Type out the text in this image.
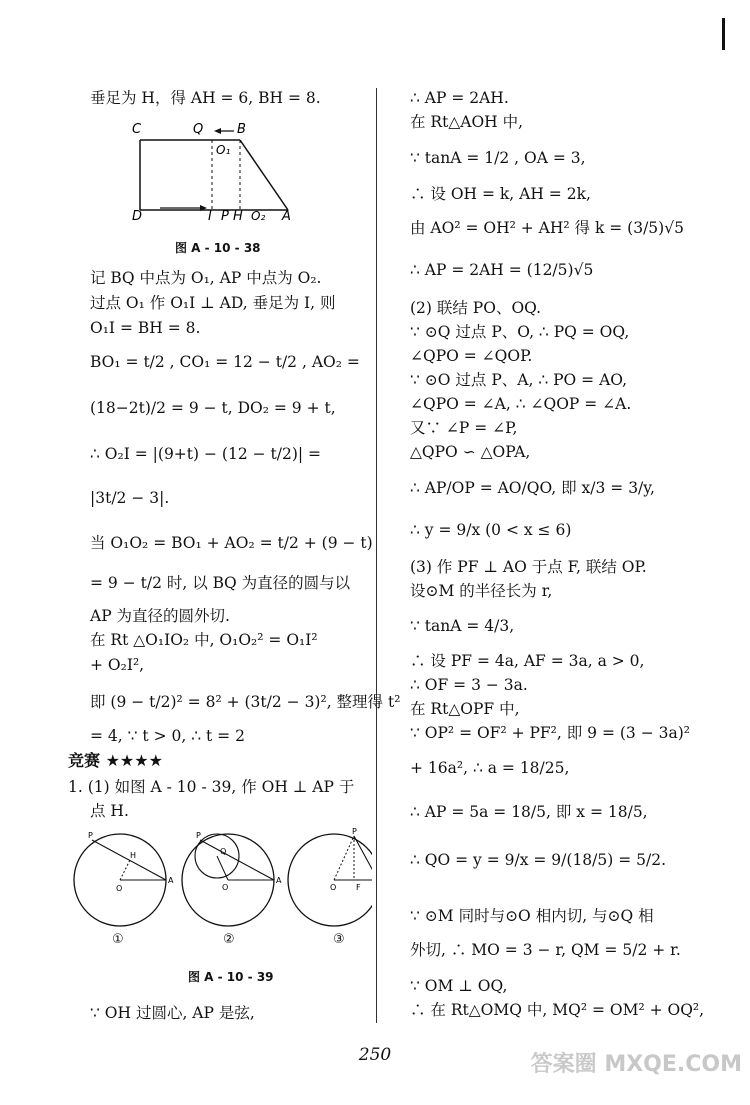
垂足为 H，得 AH = 6, BH = 8.
C	Q	B
O₁
D	I P H O₂ A
图 A - 10 - 38
记 BQ 中点为 O₁, AP 中点为 O₂.
过点 O₁ 作 O₁I ⊥ AD, 垂足为 I, 则
O₁I = BH = 8.
BO₁ = t/2 , CO₁ = 12 − t/2 , AO₂ =
(18−2t)/2 = 9 − t, DO₂ = 9 + t,
∴ O₂I = |(9+t) − (12 − t/2)| =
|3t/2 − 3|.
当 O₁O₂ = BO₁ + AO₂ = t/2 + (9 − t)
= 9 − t/2 时, 以 BQ 为直径的圆与以
AP 为直径的圆外切.
在 Rt △O₁IO₂ 中, O₁O₂² = O₁I²
+ O₂I²,
即 (9 − t/2)² = 8² + (3t/2 − 3)², 整理得 t²
= 4, ∵ t > 0, ∴ t = 2
竞赛 ★★★★
1. (1) 如图 A - 10 - 39, 作 OH ⊥ AP 于
点 H.
P
H
O
A
P
Q
O
A
P
O F
①	②	③
图 A - 10 - 39
∵ OH 过圆心, AP 是弦,
∴ AP = 2AH.
在 Rt△AOH 中,
∵ tanA = 1/2 , OA = 3,
∴ 设 OH = k, AH = 2k,
由 AO² = OH² + AH² 得 k = (3/5)√5
∴ AP = 2AH = (12/5)√5
(2) 联结 PO、OQ.
∵ ⊙Q 过点 P、O, ∴ PQ = OQ,
∠QPO = ∠QOP.
∵ ⊙O 过点 P、A, ∴ PO = AO,
∠QPO = ∠A, ∴ ∠QOP = ∠A.
又∵ ∠P = ∠P,
△QPO ∽ △OPA,
∴ AP/OP = AO/QO, 即 x/3 = 3/y,
∴ y = 9/x (0 < x ≤ 6)
(3) 作 PF ⊥ AO 于点 F, 联结 OP.
设⊙M 的半径长为 r,
∵ tanA = 4/3,
∴ 设 PF = 4a, AF = 3a, a > 0,
∴ OF = 3 − 3a.
在 Rt△OPF 中,
∵ OP² = OF² + PF², 即 9 = (3 − 3a)²
+ 16a², ∴ a = 18/25,
∴ AP = 5a = 18/5, 即 x = 18/5,
∴ QO = y = 9/x = 9/(18/5) = 5/2.
∵ ⊙M 同时与⊙O 相内切, 与⊙Q 相
外切, ∴ MO = 3 − r, QM = 5/2 + r.
∵ OM ⊥ OQ,
∴ 在 Rt△OMQ 中, MQ² = OM² + OQ²,
250	答案圈 MXQE.COM
